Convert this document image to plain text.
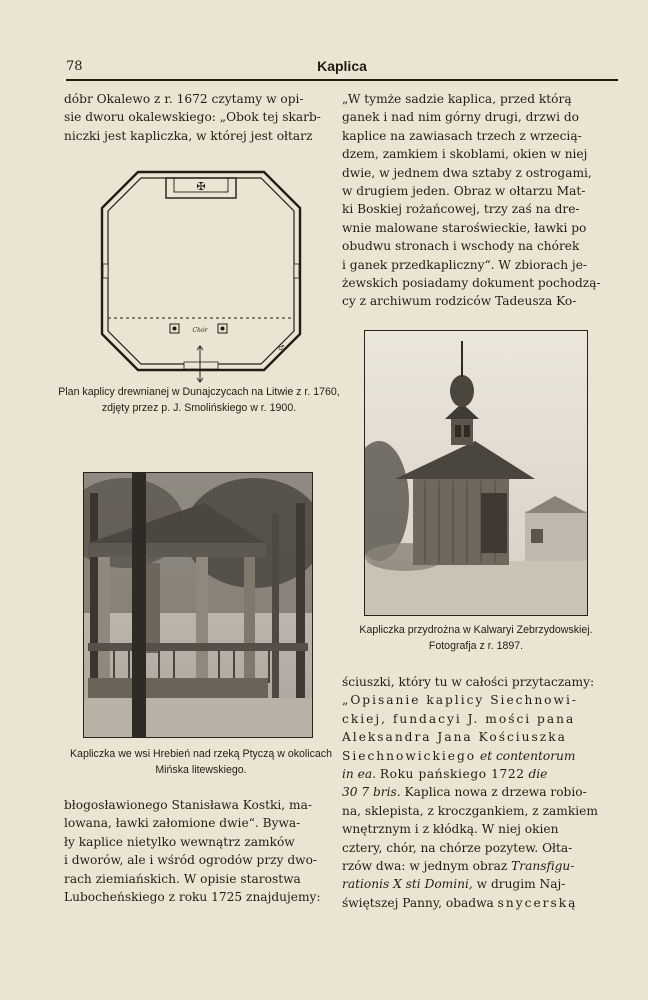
78	Kaplica

dóbr Okalewo z r. 1672 czytamy w opi-

sie dworu okalewskiego: „Obok tej skarb-

niczki jest kapliczka, w której jest ołtarz

✠
Chór
♂

Plan kaplicy drewnianej w Dunajczycach na Litwie z r. 1760, zdjęty przez p. J. Smolińskiego w r. 1900.

Kapliczka we wsi Hrebień nad rzeką Ptyczą w okolicach Mińska litewskiego.

błogosławionego Stanisława Kostki, ma-

lowana, ławki załomione dwie“. Bywa-

ły kaplice nietylko wewnątrz zamków

i dworów, ale i wśród ogrodów przy dwo-

rach ziemiańskich. W opisie starostwa

Lubocheńskiego z roku 1725 znajdujemy:

„W tymże sadzie kaplica, przed którą

ganek i nad nim górny drugi, drzwi do

kaplice na zawiasach trzech z wrzecią-

dzem, zamkiem i skoblami, okien w niej

dwie, w jednem dwa sztaby z ostrogami,

w drugiem jeden. Obraz w ołtarzu Mat-

ki Boskiej rożańcowej, trzy zaś na dre-

wnie malowane staroświeckie, ławki po

obudwu stronach i wschody na chórek

i ganek przedkapliczny“. W zbiorach je-

żewskich posiadamy dokument pochodzą-

cy z archiwum rodziców Tadeusza Ko-

Kapliczka przydrożna w Kalwaryi Zebrzydowskiej. Fotografja z r. 1897.

ściuszki, który tu w całości przytaczamy:

„Opisanie kaplicy Siechnowi-

ckiej, fundacyi J. mości pana

Aleksandra Jana Kościuszka

Siechnowickiego et contentorum

in ea. Roku pańskiego 1722 die

30 7 bris. Kaplica nowa z drzewa robio-

na, sklepista, z kroczgankiem, z zamkiem

wnętrznym i z kłódką. W niej okien

cztery, chór, na chórze pozytew. Ołta-

rzów dwa: w jednym obraz Transfigu-

rationis X sti Domini, w drugim Naj-

świętszej Panny, obadwa snycerską
